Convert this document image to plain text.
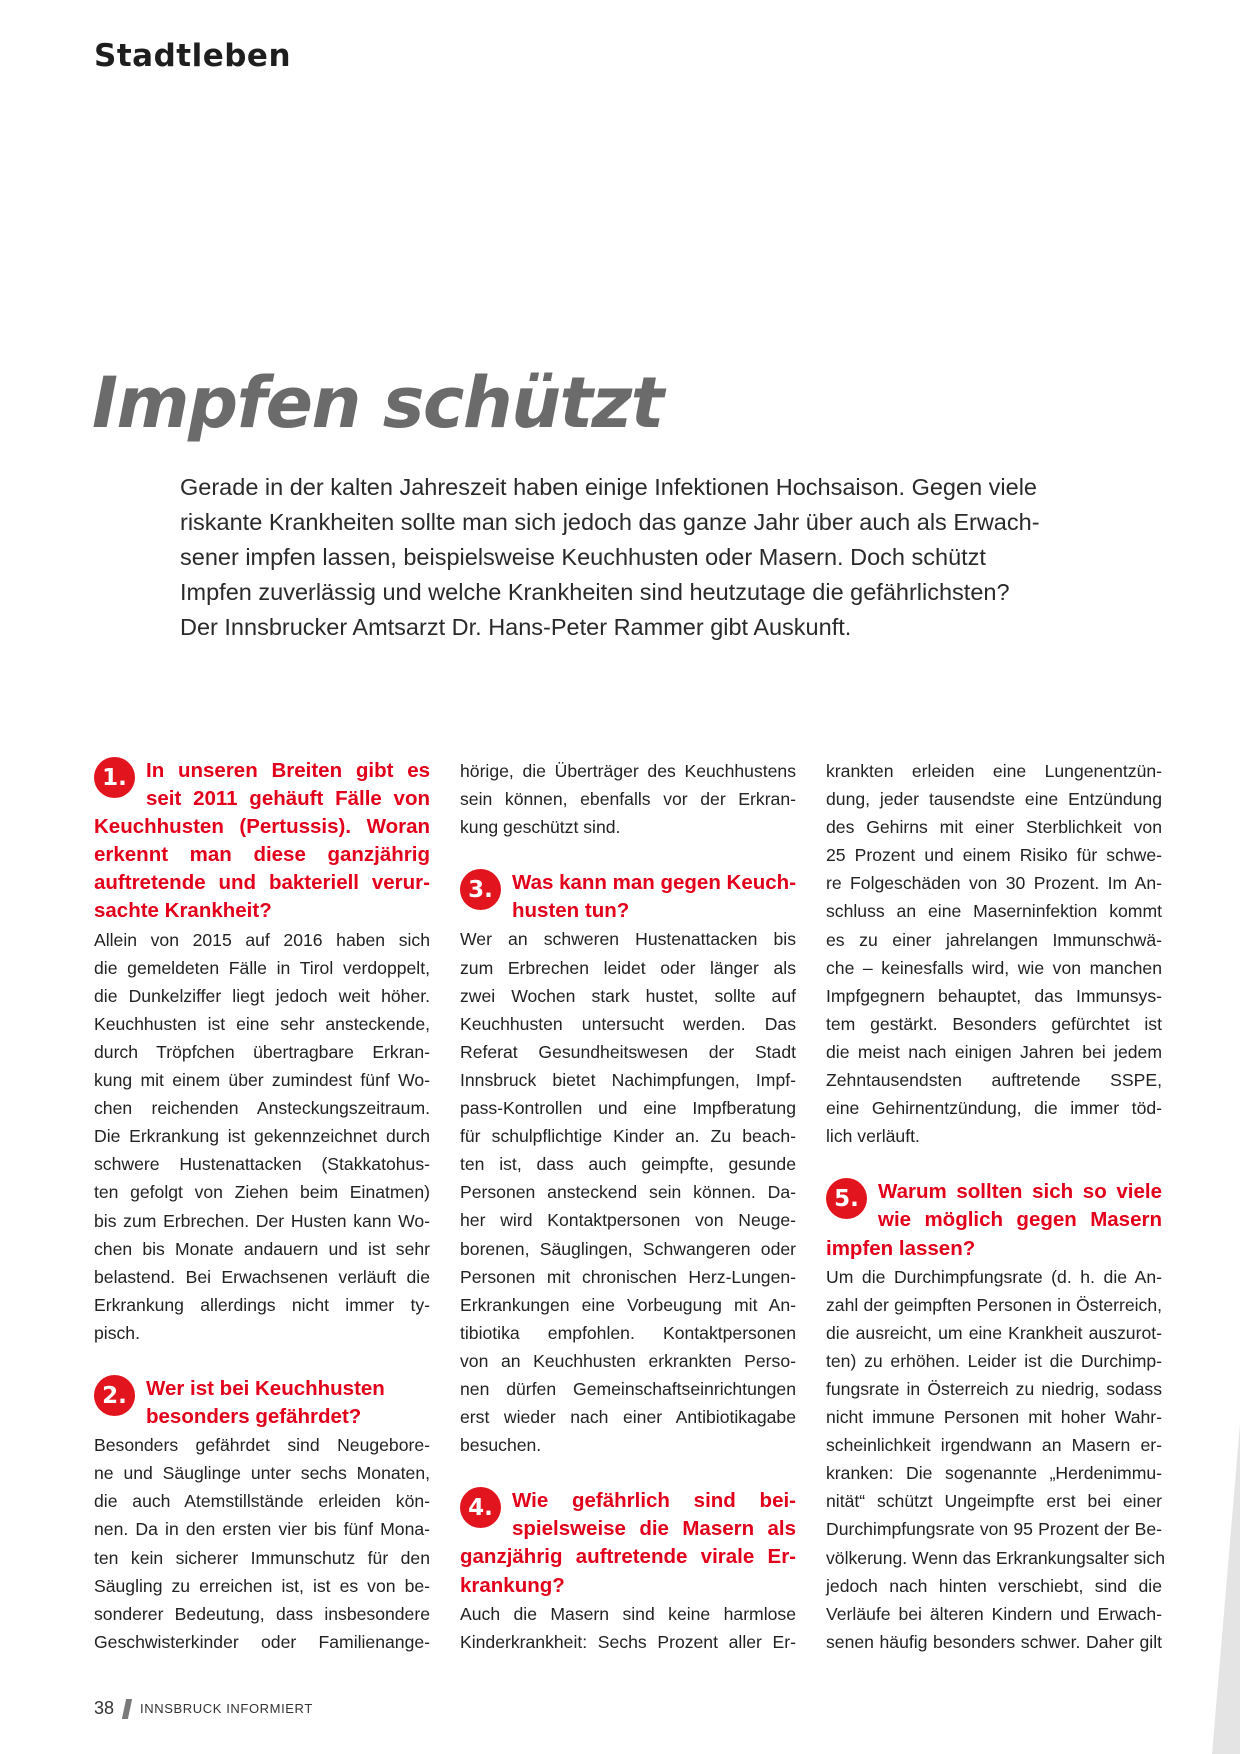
Stadtleben
Impfen schützt
Gerade in der kalten Jahreszeit haben einige Infektionen Hochsaison. Gegen viele
riskante Krankheiten sollte man sich jedoch das ganze Jahr über auch als Erwach-
sener impfen lassen, beispielsweise Keuchhusten oder Masern. Doch schützt
Impfen zuverlässig und welche Krankheiten sind heutzutage die gefährlichsten?
Der Innsbrucker Amtsarzt Dr. Hans-Peter Rammer gibt Auskunft.
1. In unseren Breiten gibt es
seit 2011 gehäuft Fälle von
Keuchhusten (Pertussis). Woran
erkennt man diese ganzjährig
auftretende und bakteriell verur-
sachte Krankheit?
Allein von 2015 auf 2016 haben sich
die gemeldeten Fälle in Tirol verdoppelt,
die Dunkelziffer liegt jedoch weit höher.
Keuchhusten ist eine sehr ansteckende,
durch Tröpfchen übertragbare Erkran-
kung mit einem über zumindest fünf Wo-
chen reichenden Ansteckungszeitraum.
Die Erkrankung ist gekennzeichnet durch
schwere Hustenattacken (Stakkatohus-
ten gefolgt von Ziehen beim Einatmen)
bis zum Erbrechen. Der Husten kann Wo-
chen bis Monate andauern und ist sehr
belastend. Bei Erwachsenen verläuft die
Erkrankung allerdings nicht immer ty-
pisch.
2. Wer ist bei Keuchhusten
besonders gefährdet?
Besonders gefährdet sind Neugebore-
ne und Säuglinge unter sechs Monaten,
die auch Atemstillstände erleiden kön-
nen. Da in den ersten vier bis fünf Mona-
ten kein sicherer Immunschutz für den
Säugling zu erreichen ist, ist es von be-
sonderer Bedeutung, dass insbesondere
Geschwisterkinder oder Familienange-
hörige, die Überträger des Keuchhustens
sein können, ebenfalls vor der Erkran-
kung geschützt sind.
3. Was kann man gegen Keuch-
husten tun?
Wer an schweren Hustenattacken bis
zum Erbrechen leidet oder länger als
zwei Wochen stark hustet, sollte auf
Keuchhusten untersucht werden. Das
Referat Gesundheitswesen der Stadt
Innsbruck bietet Nachimpfungen, Impf-
pass-Kontrollen und eine Impfberatung
für schulpflichtige Kinder an. Zu beach-
ten ist, dass auch geimpfte, gesunde
Personen ansteckend sein können. Da-
her wird Kontaktpersonen von Neuge-
borenen, Säuglingen, Schwangeren oder
Personen mit chronischen Herz-Lungen-
Erkrankungen eine Vorbeugung mit An-
tibiotika empfohlen. Kontaktpersonen
von an Keuchhusten erkrankten Perso-
nen dürfen Gemeinschaftseinrichtungen
erst wieder nach einer Antibiotikagabe
besuchen.
4. Wie gefährlich sind bei-
spielsweise die Masern als
ganzjährig auftretende virale Er-
krankung?
Auch die Masern sind keine harmlose
Kinderkrankheit: Sechs Prozent aller Er-
krankten erleiden eine Lungenentzün-
dung, jeder tausendste eine Entzündung
des Gehirns mit einer Sterblichkeit von
25 Prozent und einem Risiko für schwe-
re Folgeschäden von 30 Prozent. Im An-
schluss an eine Maserninfektion kommt
es zu einer jahrelangen Immunschwä-
che – keinesfalls wird, wie von manchen
Impfgegnern behauptet, das Immunsys-
tem gestärkt. Besonders gefürchtet ist
die meist nach einigen Jahren bei jedem
Zehntausendsten auftretende SSPE,
eine Gehirnentzündung, die immer töd-
lich verläuft.
5. Warum sollten sich so viele
wie möglich gegen Masern
impfen lassen?
Um die Durchimpfungsrate (d. h. die An-
zahl der geimpften Personen in Österreich,
die ausreicht, um eine Krankheit auszurot-
ten) zu erhöhen. Leider ist die Durchimp-
fungsrate in Österreich zu niedrig, sodass
nicht immune Personen mit hoher Wahr-
scheinlichkeit irgendwann an Masern er-
kranken: Die sogenannte „Herdenimmu-
nität“ schützt Ungeimpfte erst bei einer
Durchimpfungsrate von 95 Prozent der Be-
völkerung. Wenn das Erkrankungsalter sich
jedoch nach hinten verschiebt, sind die
Verläufe bei älteren Kindern und Erwach-
senen häufig besonders schwer. Daher gilt
38 INNSBRUCK INFORMIERT
